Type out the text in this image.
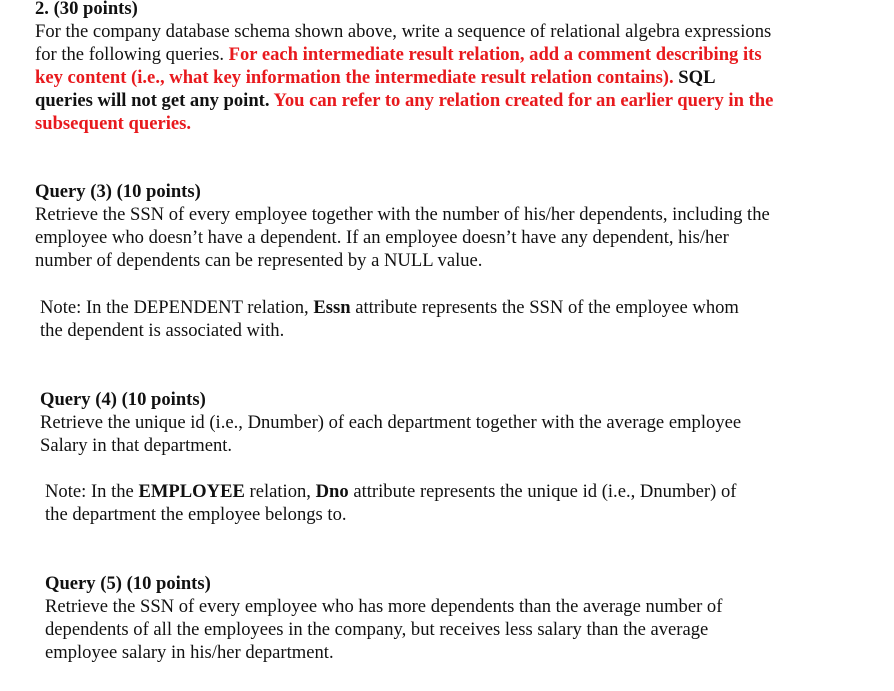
2. (30 points)
For the company database schema shown above, write a sequence of relational algebra expressions
for the following queries. For each intermediate result relation, add a comment describing its
key content (i.e., what key information the intermediate result relation contains). SQL
queries will not get any point. You can refer to any relation created for an earlier query in the
subsequent queries.
Query (3) (10 points)
Retrieve the SSN of every employee together with the number of his/her dependents, including the
employee who doesn’t have a dependent. If an employee doesn’t have any dependent, his/her
number of dependents can be represented by a NULL value.
Note: In the DEPENDENT relation, Essn attribute represents the SSN of the employee whom
the dependent is associated with.
Query (4) (10 points)
Retrieve the unique id (i.e., Dnumber) of each department together with the average employee
Salary in that department.
Note: In the EMPLOYEE relation, Dno attribute represents the unique id (i.e., Dnumber) of
the department the employee belongs to.
Query (5) (10 points)
Retrieve the SSN of every employee who has more dependents than the average number of
dependents of all the employees in the company, but receives less salary than the average
employee salary in his/her department.
